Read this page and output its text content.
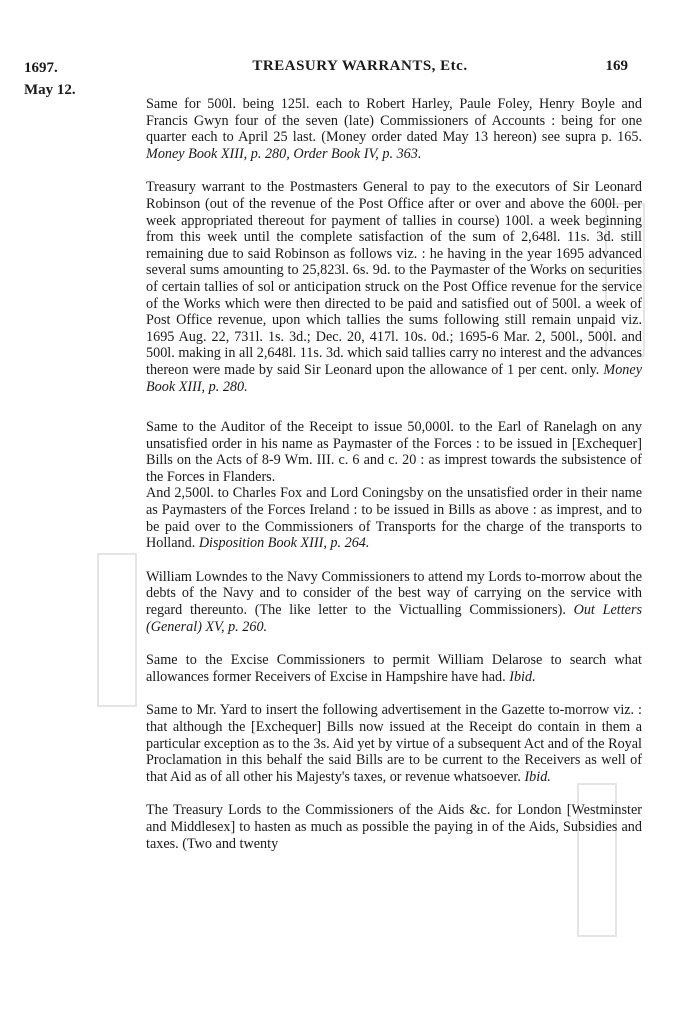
1697.
May 12.
TREASURY WARRANTS, Etc.	169

Same for 500l. being 125l. each to Robert Harley, Paule Foley, Henry Boyle and Francis Gwyn four of the seven (late) Commissioners of Accounts : being for one quarter each to April 25 last. (Money order dated May 13 hereon) see supra p. 165. Money Book XIII, p. 280, Order Book IV, p. 363.

Treasury warrant to the Postmasters General to pay to the executors of Sir Leonard Robinson (out of the revenue of the Post Office after or over and above the 600l. per week appropriated thereout for payment of tallies in course) 100l. a week beginning from this week until the complete satisfaction of the sum of 2,648l. 11s. 3d. still remaining due to said Robinson as follows viz. : he having in the year 1695 advanced several sums amounting to 25,823l. 6s. 9d. to the Paymaster of the Works on securities of certain tallies of sol or anticipation struck on the Post Office revenue for the service of the Works which were then directed to be paid and satisfied out of 500l. a week of Post Office revenue, upon which tallies the sums following still remain unpaid viz. 1695 Aug. 22, 731l. 1s. 3d.; Dec. 20, 417l. 10s. 0d.; 1695-6 Mar. 2, 500l., 500l. and 500l. making in all 2,648l. 11s. 3d. which said tallies carry no interest and the advances thereon were made by said Sir Leonard upon the allowance of 1 per cent. only. Money Book XIII, p. 280.

Same to the Auditor of the Receipt to issue 50,000l. to the Earl of Ranelagh on any unsatisfied order in his name as Paymaster of the Forces : to be issued in [Exchequer] Bills on the Acts of 8-9 Wm. III. c. 6 and c. 20 : as imprest towards the subsistence of the Forces in Flanders.

And 2,500l. to Charles Fox and Lord Coningsby on the unsatisfied order in their name as Paymasters of the Forces Ireland : to be issued in Bills as above : as imprest, and to be paid over to the Commissioners of Transports for the charge of the transports to Holland. Disposition Book XIII, p. 264.

William Lowndes to the Navy Commissioners to attend my Lords to-morrow about the debts of the Navy and to consider of the best way of carrying on the service with regard thereunto. (The like letter to the Victualling Commissioners). Out Letters (General) XV, p. 260.

Same to the Excise Commissioners to permit William Delarose to search what allowances former Receivers of Excise in Hampshire have had. Ibid.

Same to Mr. Yard to insert the following advertisement in the Gazette to-morrow viz. : that although the [Exchequer] Bills now issued at the Receipt do contain in them a particular exception as to the 3s. Aid yet by virtue of a subsequent Act and of the Royal Proclamation in this behalf the said Bills are to be current to the Receivers as well of that Aid as of all other his Majesty's taxes, or revenue whatsoever. Ibid.

The Treasury Lords to the Commissioners of the Aids &c. for London [Westminster and Middlesex] to hasten as much as possible the paying in of the Aids, Subsidies and taxes. (Two and twenty
